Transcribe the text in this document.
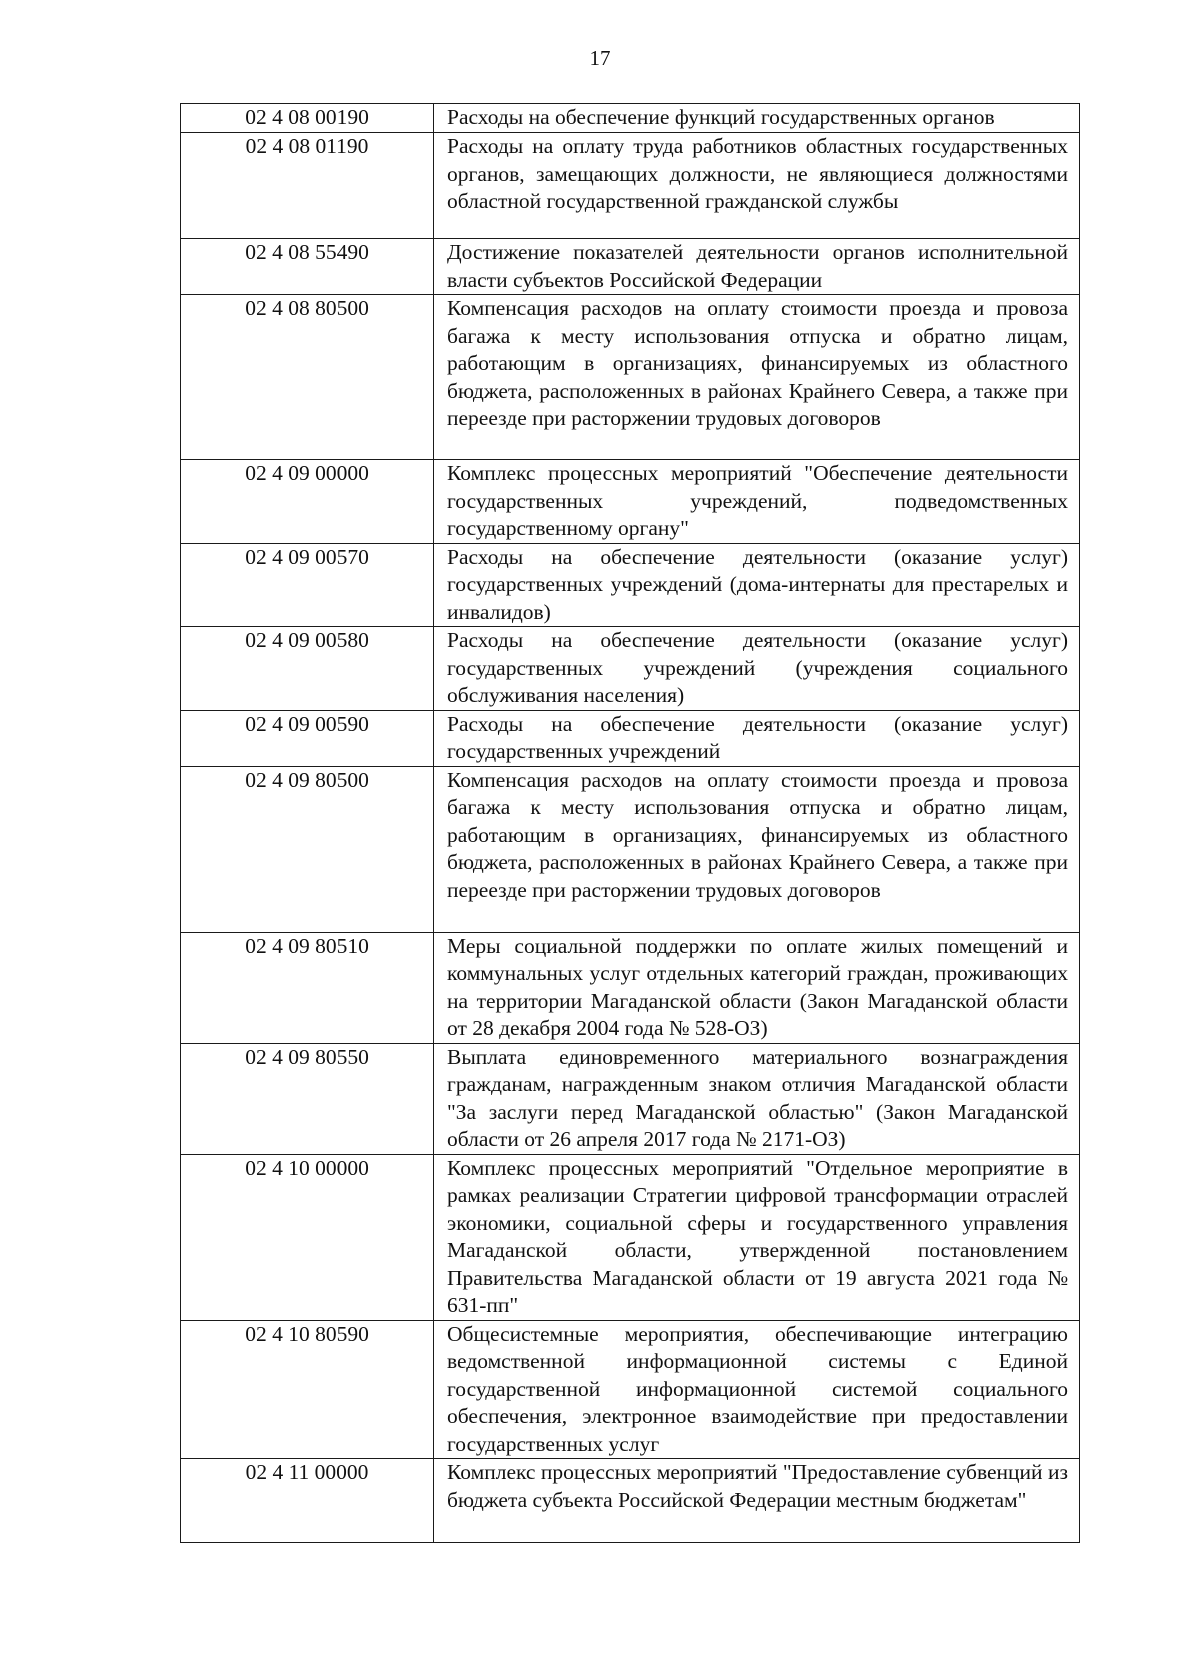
17
02 4 08 00190	Расходы на обеспечение функций государственных органов
02 4 08 01190	Расходы на оплату труда работников областных государственных органов, замещающих должности, не являющиеся должностями областной государственной гражданской службы
02 4 08 55490	Достижение показателей деятельности органов исполнительной власти субъектов Российской Федерации
02 4 08 80500	Компенсация расходов на оплату стоимости проезда и провоза багажа к месту использования отпуска и обратно лицам, работающим в организациях, финансируемых из областного бюджета, расположенных в районах Крайнего Севера, а также при переезде при расторжении трудовых договоров
02 4 09 00000	Комплекс процессных мероприятий "Обеспечение деятельности государственных учреждений, подведомственных государственному органу"
02 4 09 00570	Расходы на обеспечение деятельности (оказание услуг) государственных учреждений (дома-интернаты для престарелых и инвалидов)
02 4 09 00580	Расходы на обеспечение деятельности (оказание услуг) государственных учреждений (учреждения социального обслуживания населения)
02 4 09 00590	Расходы на обеспечение деятельности (оказание услуг) государственных учреждений
02 4 09 80500	Компенсация расходов на оплату стоимости проезда и провоза багажа к месту использования отпуска и обратно лицам, работающим в организациях, финансируемых из областного бюджета, расположенных в районах Крайнего Севера, а также при переезде при расторжении трудовых договоров
02 4 09 80510	Меры социальной поддержки по оплате жилых помещений и коммунальных услуг отдельных категорий граждан, проживающих на территории Магаданской области (Закон Магаданской области от 28 декабря 2004 года № 528-ОЗ)
02 4 09 80550	Выплата единовременного материального вознаграждения гражданам, награжденным знаком отличия Магаданской области "За заслуги перед Магаданской областью" (Закон Магаданской области от 26 апреля 2017 года № 2171-ОЗ)
02 4 10 00000	Комплекс процессных мероприятий "Отдельное мероприятие в рамках реализации Стратегии цифровой трансформации отраслей экономики, социальной сферы и государственного управления Магаданской области, утвержденной постановлением Правительства Магаданской области от 19 августа 2021 года № 631-пп"
02 4 10 80590	Общесистемные мероприятия, обеспечивающие интеграцию ведомственной информационной системы с Единой государственной информационной системой социального обеспечения, электронное взаимодействие при предоставлении государственных услуг
02 4 11 00000	Комплекс процессных мероприятий "Предоставление субвенций из бюджета субъекта Российской Федерации местным бюджетам"
